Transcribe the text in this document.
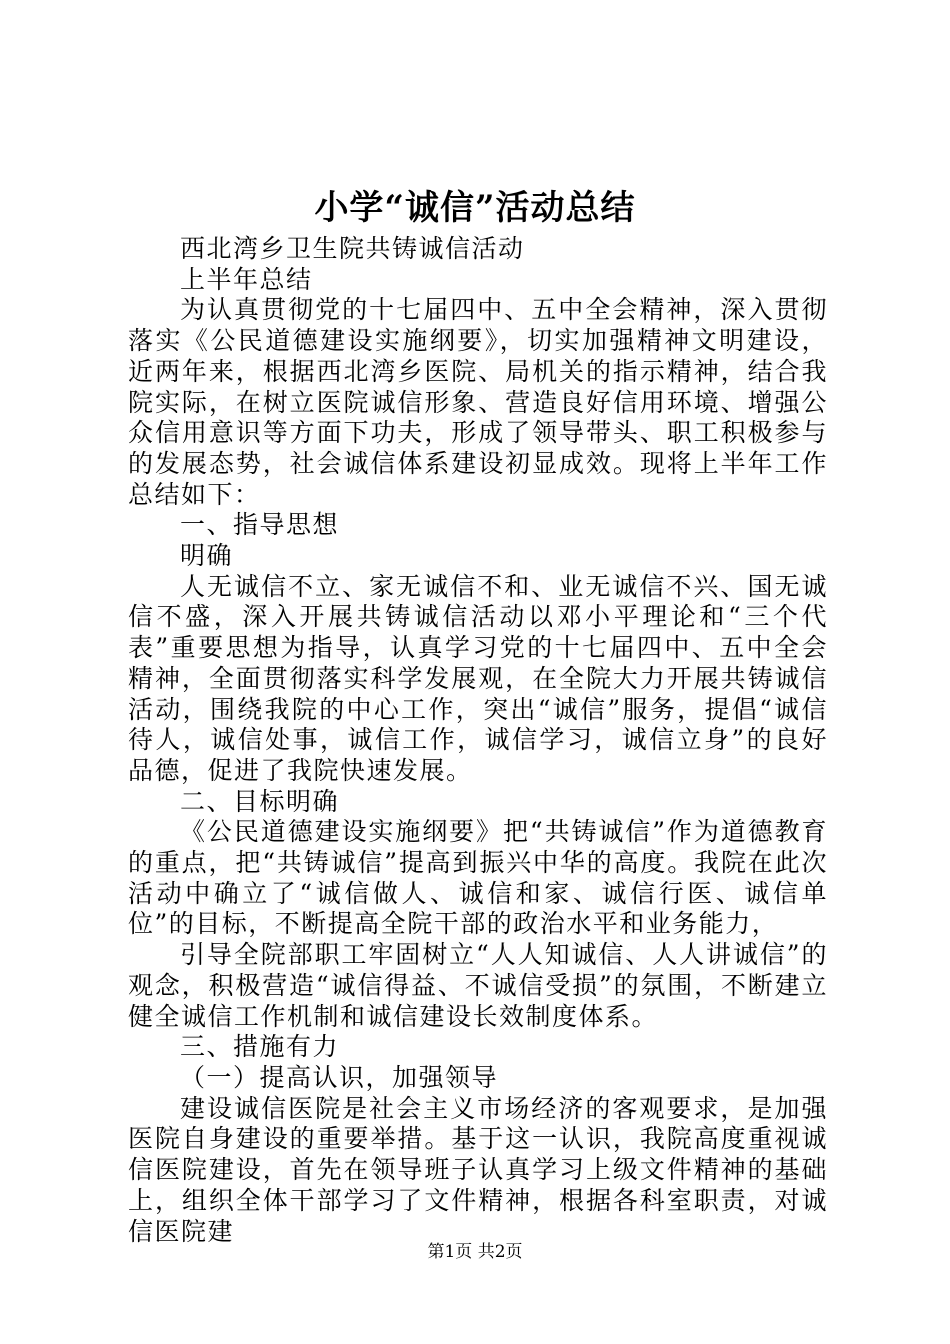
小学“诚信”活动总结

西北湾乡卫生院共铸诚信活动

上半年总结

为认真贯彻党的十七届四中、五中全会精神，深入贯彻落实《公民道德建设实施纲要》，切实加强精神文明建设，近两年来，根据西北湾乡医院、局机关的指示精神，结合我院实际，在树立医院诚信形象、营造良好信用环境、增强公众信用意识等方面下功夫，形成了领导带头、职工积极参与的发展态势，社会诚信体系建设初显成效。现将上半年工作总结如下：

一、指导思想

明确

人无诚信不立、家无诚信不和、业无诚信不兴、国无诚信不盛，深入开展共铸诚信活动以邓小平理论和“三个代表”重要思想为指导，认真学习党的十七届四中、五中全会精神，全面贯彻落实科学发展观，在全院大力开展共铸诚信活动，围绕我院的中心工作，突出“诚信”服务，提倡“诚信待人，诚信处事，诚信工作，诚信学习，诚信立身”的良好品德，促进了我院快速发展。

二、目标明确

《公民道德建设实施纲要》把“共铸诚信”作为道德教育的重点，把“共铸诚信”提高到振兴中华的高度。我院在此次活动中确立了“诚信做人、诚信和家、诚信行医、诚信单位”的目标，不断提高全院干部的政治水平和业务能力，

引导全院部职工牢固树立“人人知诚信、人人讲诚信”的观念，积极营造“诚信得益、不诚信受损”的氛围，不断建立健全诚信工作机制和诚信建设长效制度体系。

三、措施有力

（一）提高认识，加强领导

建设诚信医院是社会主义市场经济的客观要求，是加强医院自身建设的重要举措。基于这一认识，我院高度重视诚信医院建设，首先在领导班子认真学习上级文件精神的基础上，组织全体干部学习了文件精神，根据各科室职责，对诚信医院建

第1页 共2页
